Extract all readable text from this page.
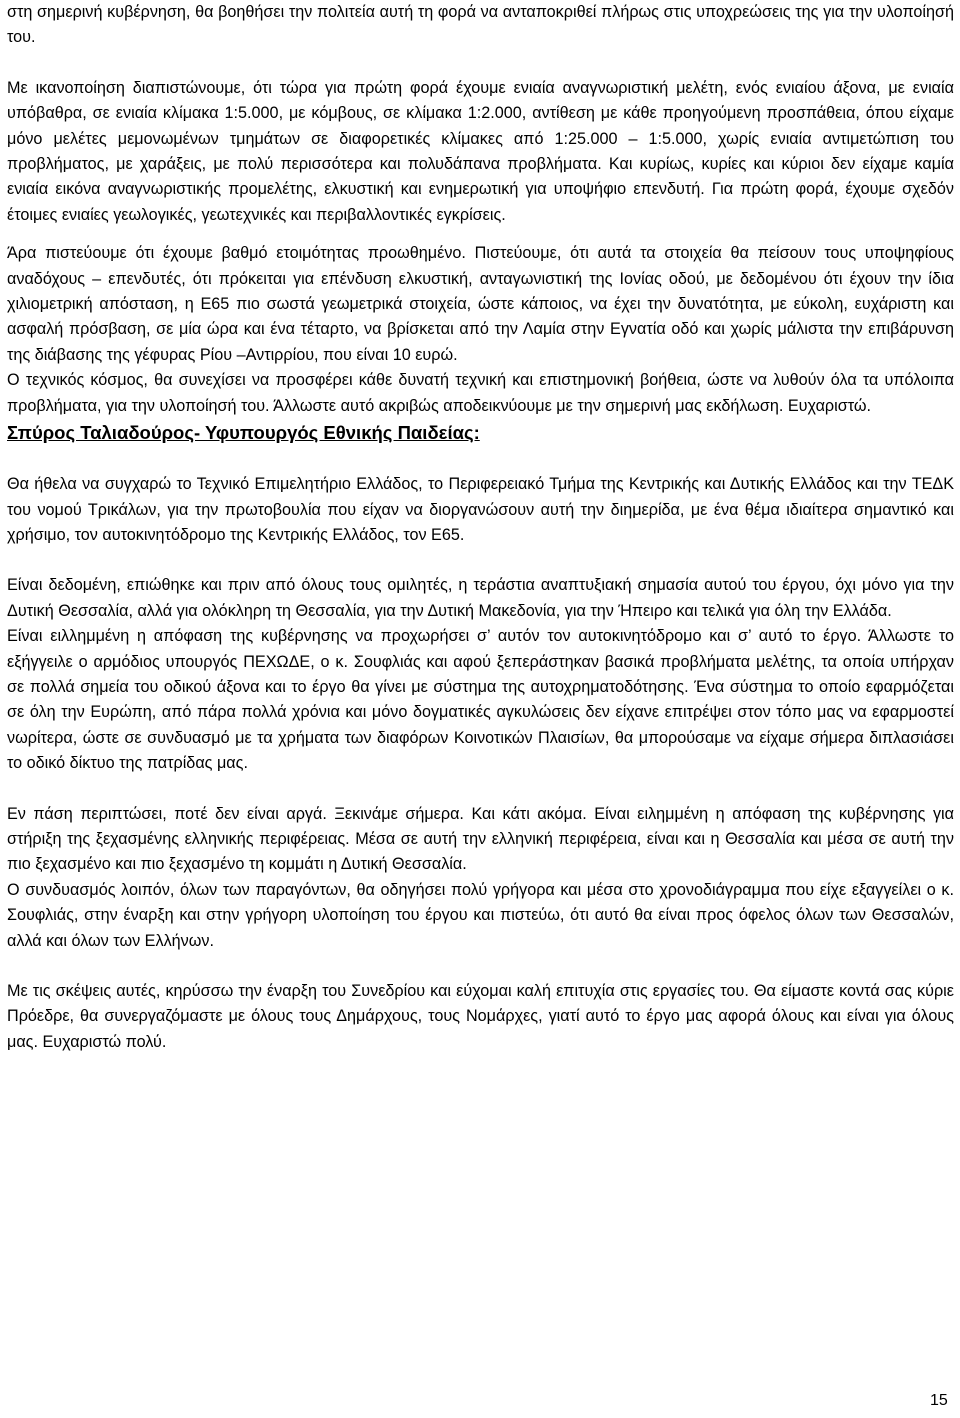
στη σημερινή κυβέρνηση, θα βοηθήσει την πολιτεία αυτή τη φορά να ανταποκριθεί πλήρως στις υποχρεώσεις της για την υλοποίησή του.

Με ικανοποίηση διαπιστώνουμε, ότι τώρα για πρώτη φορά έχουμε ενιαία αναγνωριστική μελέτη, ενός ενιαίου άξονα, με ενιαία υπόβαθρα, σε ενιαία κλίμακα 1:5.000, με κόμβους, σε κλίμακα 1:2.000, αντίθεση με κάθε προηγούμενη προσπάθεια, όπου είχαμε μόνο μελέτες μεμονωμένων τμημάτων σε διαφορετικές κλίμακες από 1:25.000 – 1:5.000, χωρίς ενιαία αντιμετώπιση του προβλήματος, με χαράξεις, με πολύ περισσότερα και πολυδάπανα προβλήματα. Και κυρίως, κυρίες και κύριοι δεν είχαμε καμία ενιαία εικόνα αναγνωριστικής προμελέτης, ελκυστική και ενημερωτική για υποψήφιο επενδυτή. Για πρώτη φορά, έχουμε σχεδόν έτοιμες ενιαίες γεωλογικές, γεωτεχνικές και περιβαλλοντικές εγκρίσεις.

Άρα πιστεύουμε ότι έχουμε βαθμό ετοιμότητας προωθημένο. Πιστεύουμε, ότι αυτά τα στοιχεία θα πείσουν τους υποψηφίους αναδόχους – επενδυτές, ότι πρόκειται για επένδυση ελκυστική, ανταγωνιστική της Ιονίας οδού, με δεδομένου ότι έχουν την ίδια χιλιομετρική απόσταση, η Ε65 πιο σωστά γεωμετρικά στοιχεία, ώστε κάποιος, να έχει την δυνατότητα, με εύκολη, ευχάριστη και ασφαλή πρόσβαση, σε μία ώρα και ένα τέταρτο, να βρίσκεται από την Λαμία στην Εγνατία οδό και χωρίς μάλιστα την επιβάρυνση της διάβασης της γέφυρας Ρίου –Αντιρρίου, που είναι 10 ευρώ.

Ο τεχνικός κόσμος, θα συνεχίσει να προσφέρει κάθε δυνατή τεχνική και επιστημονική βοήθεια, ώστε να λυθούν όλα τα υπόλοιπα προβλήματα, για την υλοποίησή του. Άλλωστε αυτό ακριβώς αποδεικνύουμε με την σημερινή μας εκδήλωση. Ευχαριστώ.

Σπύρος Ταλιαδούρος- Υφυπουργός Εθνικής Παιδείας:

Θα ήθελα να συγχαρώ το Τεχνικό Επιμελητήριο Ελλάδος, το Περιφερειακό Τμήμα της Κεντρικής και Δυτικής Ελλάδος και την ΤΕΔΚ του νομού Τρικάλων, για την πρωτοβουλία που είχαν να διοργανώσουν αυτή την διημερίδα, με ένα θέμα ιδιαίτερα σημαντικό και χρήσιμο, τον αυτοκινητόδρομο της Κεντρικής Ελλάδος, τον Ε65.

Είναι δεδομένη, επιώθηκε και πριν από όλους τους ομιλητές, η τεράστια αναπτυξιακή σημασία αυτού του έργου, όχι μόνο για την Δυτική Θεσσαλία, αλλά για ολόκληρη τη Θεσσαλία, για την Δυτική Μακεδονία, για την Ήπειρο και τελικά για όλη την Ελλάδα.

Είναι ειλλημμένη η απόφαση της κυβέρνησης να προχωρήσει σ’ αυτόν τον αυτοκινητόδρομο και σ’ αυτό το έργο. Άλλωστε το εξήγγειλε ο αρμόδιος υπουργός ΠΕΧΩΔΕ, ο κ. Σουφλιάς και αφού ξεπεράστηκαν βασικά προβλήματα μελέτης, τα οποία υπήρχαν σε πολλά σημεία του οδικού άξονα και το έργο θα γίνει με σύστημα της αυτοχρηματοδότησης. Ένα σύστημα το οποίο εφαρμόζεται σε όλη την Ευρώπη, από πάρα πολλά χρόνια και μόνο δογματικές αγκυλώσεις δεν είχανε επιτρέψει στον τόπο μας να εφαρμοστεί νωρίτερα, ώστε σε συνδυασμό με τα χρήματα των διαφόρων Κοινοτικών Πλαισίων, θα μπορούσαμε να είχαμε σήμερα διπλασιάσει το οδικό δίκτυο της πατρίδας μας.

Εν πάση περιπτώσει, ποτέ δεν είναι αργά. Ξεκινάμε σήμερα. Και κάτι ακόμα. Είναι ειλημμένη η απόφαση της κυβέρνησης για στήριξη της ξεχασμένης ελληνικής περιφέρειας. Μέσα σε αυτή την ελληνική περιφέρεια, είναι και η Θεσσαλία και μέσα σε αυτή την πιο ξεχασμένο και πιο ξεχασμένο τη κομμάτι η Δυτική Θεσσαλία.

Ο συνδυασμός λοιπόν, όλων των παραγόντων, θα οδηγήσει πολύ γρήγορα και μέσα στο χρονοδιάγραμμα που είχε εξαγγείλει ο κ. Σουφλιάς, στην έναρξη και στην γρήγορη υλοποίηση του έργου και πιστεύω, ότι αυτό θα είναι προς όφελος όλων των Θεσσαλών, αλλά και όλων των Ελλήνων.

Με τις σκέψεις αυτές, κηρύσσω την έναρξη του Συνεδρίου και εύχομαι καλή επιτυχία στις εργασίες του. Θα είμαστε κοντά σας κύριε Πρόεδρε, θα συνεργαζόμαστε με όλους τους Δημάρχους, τους Νομάρχες, γιατί αυτό το έργο μας αφορά όλους και είναι για όλους μας. Ευχαριστώ πολύ.

15
